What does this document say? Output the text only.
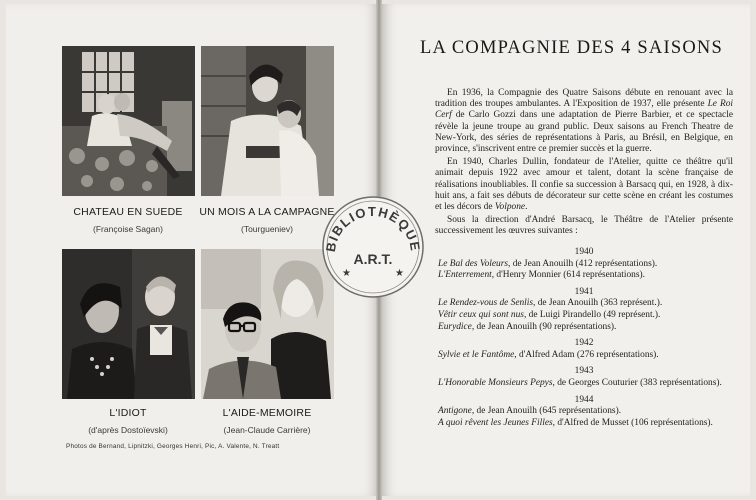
CHATEAU EN SUEDE
(Françoise Sagan)
UN MOIS A LA CAMPAGNE
(Tourgueniev)
L'IDIOT
(d'après Dostoïevski)
L'AIDE-MEMOIRE
(Jean-Claude Carrière)
Photos de Bernand, Lipnitzki, Georges Henri, Pic, A. Valente, N. Treatt
BIBLIOTHÈQUE
A.R.T.
★	★
LA COMPAGNIE DES 4 SAISONS

En 1936, la Compagnie des Quatre Saisons débute en renouant avec la tradition des troupes ambulantes. A l'Exposition de 1937, elle présente Le Roi Cerf de Carlo Gozzi dans une adaptation de Pierre Barbier, et ce spectacle révèle la jeune troupe au grand public. Deux saisons au French Theatre de New-York, des séries de représentations à Paris, au Brésil, en Belgique, en province, s'inscrivent entre ce premier succès et la guerre.

En 1940, Charles Dullin, fondateur de l'Atelier, quitte ce théâtre qu'il animait depuis 1922 avec amour et talent, dotant la scène française de réalisations inoubliables. Il confie sa succession à Barsacq qui, en 1928, à dix-huit ans, a fait ses débuts de décorateur sur cette scène en créant les costumes et les décors de Volpone.

Sous la direction d'André Barsacq, le Théâtre de l'Atelier présente successivement les œuvres suivantes :

1940
Le Bal des Voleurs, de Jean Anouilh (412 représentations).
L'Enterrement, d'Henry Monnier (614 représentations).
1941
Le Rendez-vous de Senlis, de Jean Anouilh (363 représent.).
Vêtir ceux qui sont nus, de Luigi Pirandello (49 représent.).
Eurydice, de Jean Anouilh (90 représentations).
1942
Sylvie et le Fantôme, d'Alfred Adam (276 représentations).
1943
L'Honorable Monsieurs Pepys, de Georges Couturier (383 représentations).
1944
Antigone, de Jean Anouilh (645 représentations).
A quoi rêvent les Jeunes Filles, d'Alfred de Musset (106 représentations).
